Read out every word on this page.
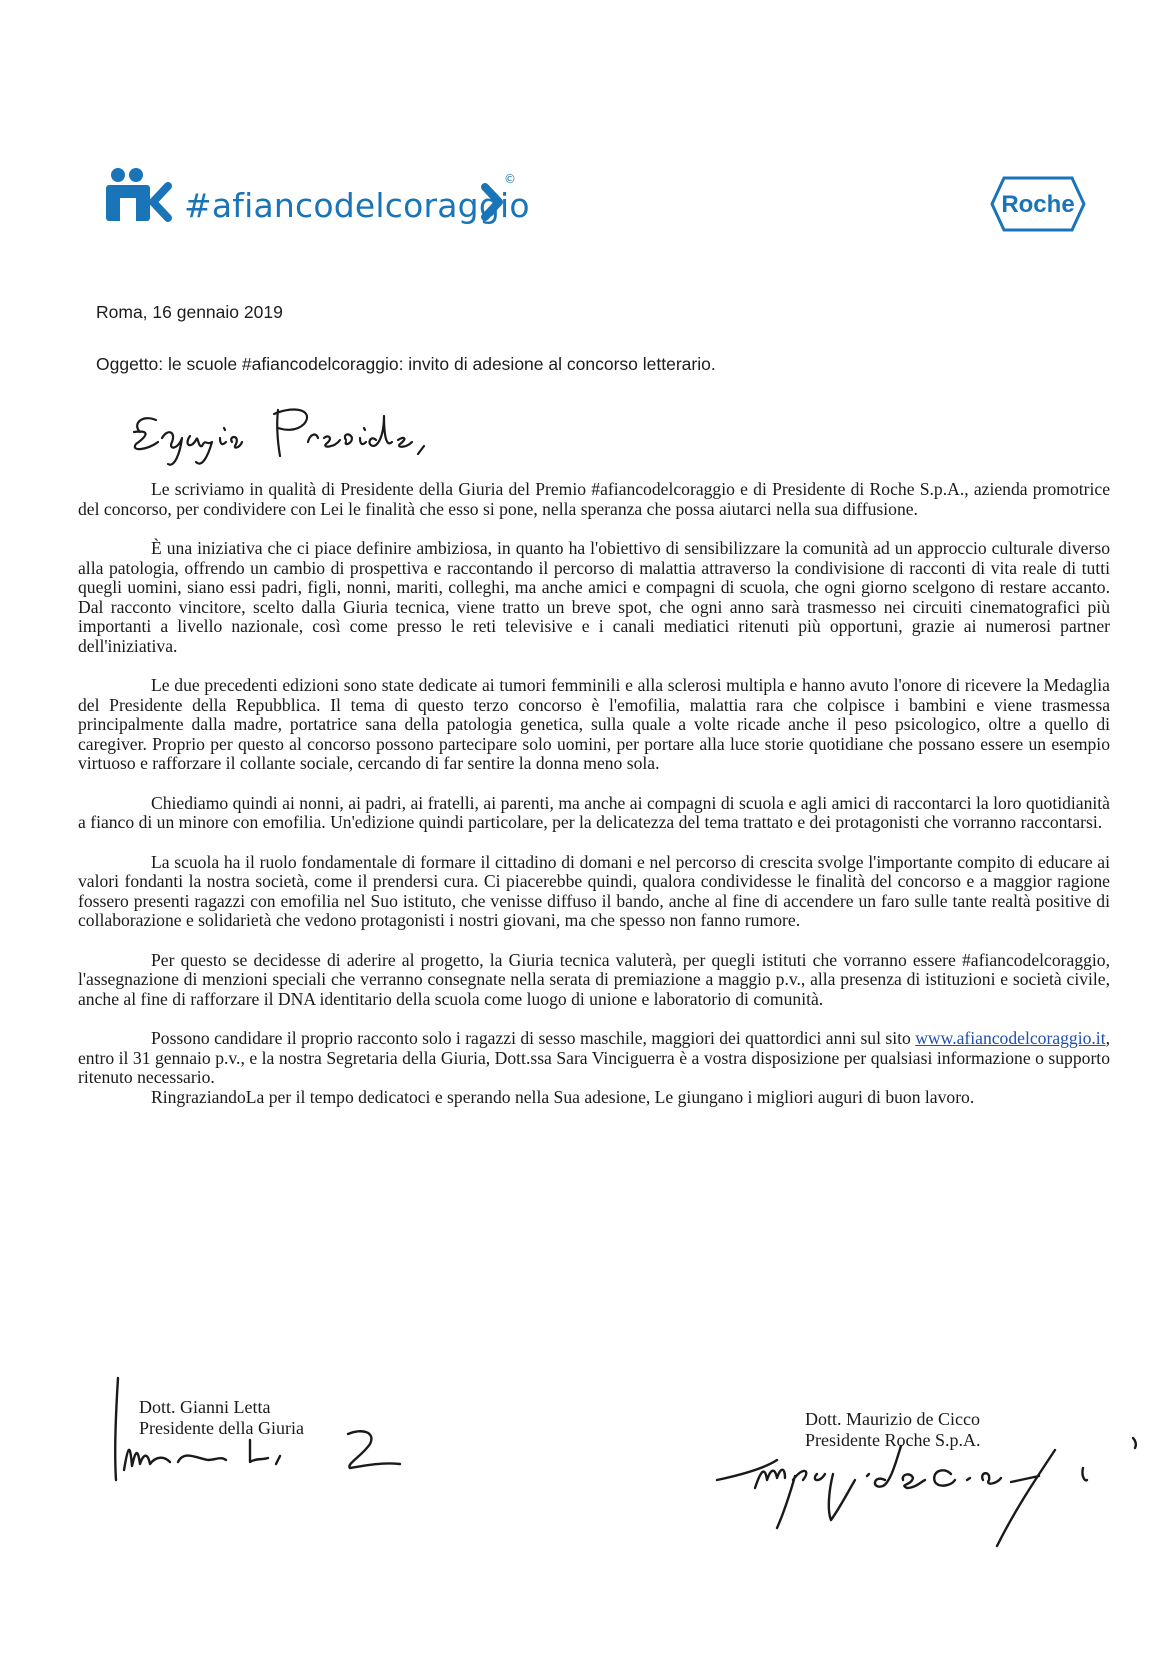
#afiancodelcoraggio
©
Roche
Roma, 16 gennaio 2019
Oggetto: le scuole #afiancodelcoraggio: invito di adesione al concorso letterario.

Le scriviamo in qualità di Presidente della Giuria del Premio #afiancodelcoraggio e di Presidente di Roche S.p.A., azienda promotrice del concorso, per condividere con Lei le finalità che esso si pone, nella speranza che possa aiutarci nella sua diffusione.

È una iniziativa che ci piace definire ambiziosa, in quanto ha l'obiettivo di sensibilizzare la comunità ad un approccio culturale diverso alla patologia, offrendo un cambio di prospettiva e raccontando il percorso di malattia attraverso la condivisione di racconti di vita reale di tutti quegli uomini, siano essi padri, figli, nonni, mariti, colleghi, ma anche amici e compagni di scuola, che ogni giorno scelgono di restare accanto. Dal racconto vincitore, scelto dalla Giuria tecnica, viene tratto un breve spot, che ogni anno sarà trasmesso nei circuiti cinematografici più importanti a livello nazionale, così come presso le reti televisive e i canali mediatici ritenuti più opportuni, grazie ai numerosi partner dell'iniziativa.

Le due precedenti edizioni sono state dedicate ai tumori femminili e alla sclerosi multipla e hanno avuto l'onore di ricevere la Medaglia del Presidente della Repubblica. Il tema di questo terzo concorso è l'emofilia, malattia rara che colpisce i bambini e viene trasmessa principalmente dalla madre, portatrice sana della patologia genetica, sulla quale a volte ricade anche il peso psicologico, oltre a quello di caregiver. Proprio per questo al concorso possono partecipare solo uomini, per portare alla luce storie quotidiane che possano essere un esempio virtuoso e rafforzare il collante sociale, cercando di far sentire la donna meno sola.

Chiediamo quindi ai nonni, ai padri, ai fratelli, ai parenti, ma anche ai compagni di scuola e agli amici di raccontarci la loro quotidianità a fianco di un minore con emofilia. Un'edizione quindi particolare, per la delicatezza del tema trattato e dei protagonisti che vorranno raccontarsi.

La scuola ha il ruolo fondamentale di formare il cittadino di domani e nel percorso di crescita svolge l'importante compito di educare ai valori fondanti la nostra società, come il prendersi cura. Ci piacerebbe quindi, qualora condividesse le finalità del concorso e a maggior ragione fossero presenti ragazzi con emofilia nel Suo istituto, che venisse diffuso il bando, anche al fine di accendere un faro sulle tante realtà positive di collaborazione e solidarietà che vedono protagonisti i nostri giovani, ma che spesso non fanno rumore.

Per questo se decidesse di aderire al progetto, la Giuria tecnica valuterà, per quegli istituti che vorranno essere #afiancodelcoraggio, l'assegnazione di menzioni speciali che verranno consegnate nella serata di premiazione a maggio p.v., alla presenza di istituzioni e società civile, anche al fine di rafforzare il DNA identitario della scuola come luogo di unione e laboratorio di comunità.

Possono candidare il proprio racconto solo i ragazzi di sesso maschile, maggiori dei quattordici anni sul sito www.afiancodelcoraggio.it, entro il 31 gennaio p.v., e la nostra Segretaria della Giuria, Dott.ssa Sara Vinciguerra è a vostra disposizione per qualsiasi informazione o supporto ritenuto necessario.

RingraziandoLa per il tempo dedicatoci e sperando nella Sua adesione, Le giungano i migliori auguri di buon lavoro.

Dott. Gianni Letta
Presidente della Giuria	Dott. Maurizio de Cicco
Presidente Roche S.p.A.
